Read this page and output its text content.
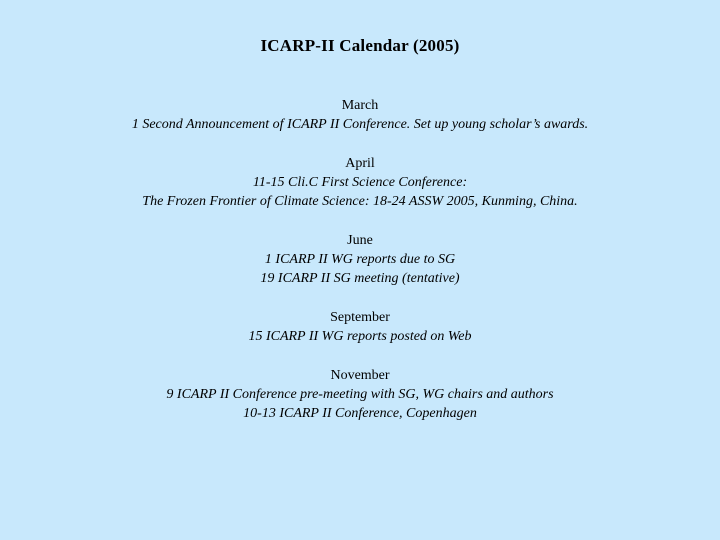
ICARP-II Calendar (2005)
March
1 Second Announcement of ICARP II Conference. Set up young scholar’s awards.
April
11-15 Cli.C First Science Conference:
The Frozen Frontier of Climate Science: 18-24 ASSW 2005, Kunming, China.
June
1 ICARP II WG reports due to SG
19 ICARP II SG meeting (tentative)
September
15 ICARP II WG reports posted on Web
November
9 ICARP II Conference pre-meeting with SG, WG chairs and authors
10-13 ICARP II Conference, Copenhagen
